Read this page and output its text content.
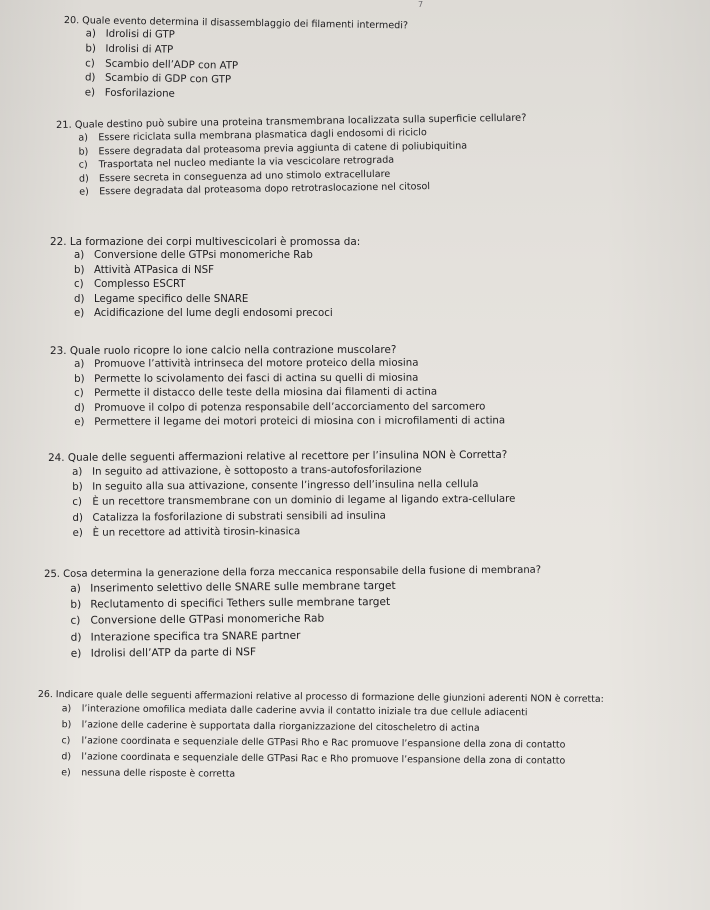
7

20. Quale evento determina il disassemblaggio dei filamenti intermedi?

a) Idrolisi di GTP
b) Idrolisi di ATP
c)	Scambio dell’ADP con ATP
d) Scambio di GDP con GTP
e) Fosforilazione

21. Quale destino può subire una proteina transmembrana localizzata sulla superficie cellulare?

a)	Essere riciclata sulla membrana plasmatica dagli endosomi di riciclo
b)	Essere degradata dal proteasoma previa aggiunta di catene di poliubiquitina
c)	Trasportata nel nucleo mediante la via vescicolare retrograda
d)	Essere secreta in conseguenza ad uno stimolo extracellulare
e)	Essere degradata dal proteasoma dopo retrotraslocazione nel citosol

22. La formazione dei corpi multivescicolari è promossa da:

a) Conversione delle GTPsi monomeriche Rab
b) Attività ATPasica di NSF
c)	Complesso ESCRT
d) Legame specifico delle SNARE
e) Acidificazione del lume degli endosomi precoci

23. Quale ruolo ricopre lo ione calcio nella contrazione muscolare?

a) Promuove l’attività intrinseca del motore proteico della miosina
b) Permette lo scivolamento dei fasci di actina su quelli di miosina
c)	Permette il distacco delle teste della miosina dai filamenti di actina
d) Promuove il colpo di potenza responsabile dell’accorciamento del sarcomero
e) Permettere il legame dei motori proteici di miosina con i microfilamenti di actina

24. Quale delle seguenti affermazioni relative al recettore per l’insulina NON è Corretta?

a) In seguito ad attivazione, è sottoposto a trans-autofosforilazione
b) In seguito alla sua attivazione, consente l’ingresso dell’insulina nella cellula
c)	È un recettore transmembrane con un dominio di legame al ligando extra-cellulare
d) Catalizza la fosforilazione di substrati sensibili ad insulina
e) È un recettore ad attività tirosin-kinasica

25. Cosa determina la generazione della forza meccanica responsabile della fusione di membrana?

a) Inserimento selettivo delle SNARE sulle membrane target
b) Reclutamento di specifici Tethers sulle membrane target
c) Conversione delle GTPasi monomeriche Rab
d) Interazione specifica tra SNARE partner
e) Idrolisi dell’ATP da parte di NSF

26. Indicare quale delle seguenti affermazioni relative al processo di formazione delle giunzioni aderenti NON è corretta:

a)	l’interazione omofilica mediata dalle caderine avvia il contatto iniziale tra due cellule adiacenti
b)	l’azione delle caderine è supportata dalla riorganizzazione del citoscheletro di actina
c)	l’azione coordinata e sequenziale delle GTPasi Rho e Rac promuove l’espansione della zona di contatto
d)	l’azione coordinata e sequenziale delle GTPasi Rac e Rho promuove l’espansione della zona di contatto
e)	nessuna delle risposte è corretta
